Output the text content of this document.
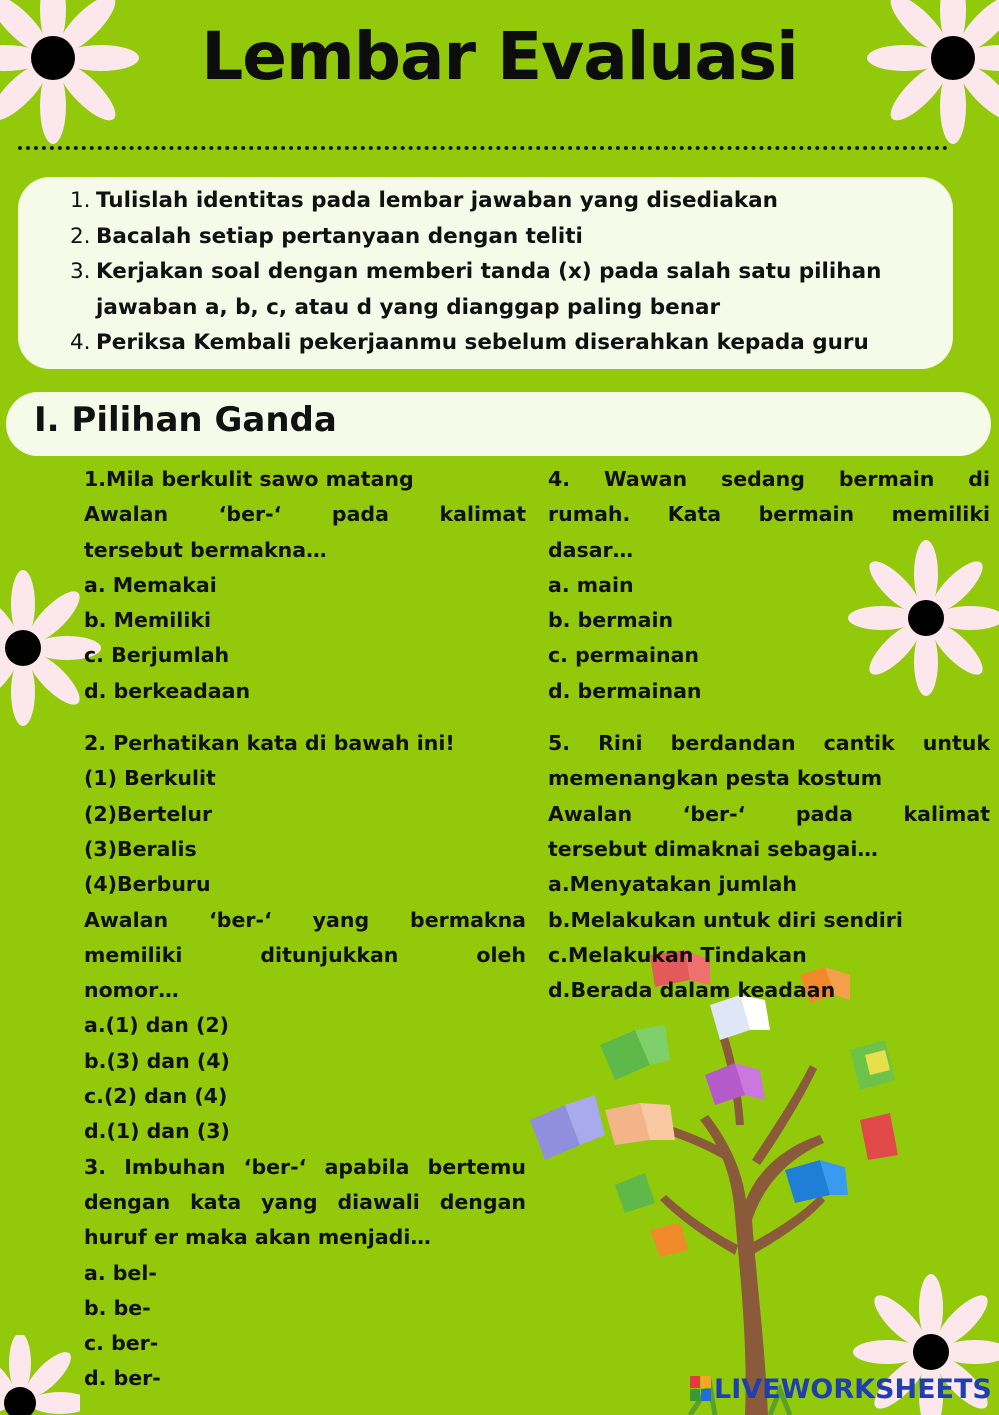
Lembar Evaluasi
1. Tulislah identitas pada lembar jawaban yang disediakan
2. Bacalah setiap pertanyaan dengan teliti
3. Kerjakan soal dengan memberi tanda (x) pada salah satu pilihan jawaban a, b, c, atau d yang dianggap paling benar
4. Periksa Kembali pekerjaanmu sebelum diserahkan kepada guru
I. Pilihan Ganda

1.Mila berkulit sawo matang

Awalan ‘ber-‘ pada kalimat

tersebut bermakna…

a. Memakai

b. Memiliki

c. Berjumlah

d. berkeadaan

2. Perhatikan kata di bawah ini!

(1) Berkulit

(2)Bertelur

(3)Beralis

(4)Berburu

Awalan ‘ber-‘ yang bermakna

memiliki ditunjukkan oleh

nomor…

a.(1) dan (2)

b.(3) dan (4)

c.(2) dan (4)

d.(1) dan (3)

3. Imbuhan ‘ber-‘ apabila bertemu

dengan kata yang diawali dengan

huruf er maka akan menjadi…

a. bel-

b. be-

c. ber-

d. ber-

4. Wawan sedang bermain di

rumah. Kata bermain memiliki

dasar…

a. main

b. bermain

c. permainan

d. bermainan

5. Rini berdandan cantik untuk

memenangkan pesta kostum

Awalan ‘ber-‘ pada kalimat

tersebut dimaknai sebagai…

a.Menyatakan jumlah

b.Melakukan untuk diri sendiri

c.Melakukan Tindakan

d.Berada dalam keadaan

LIVEWORKSHEETS
